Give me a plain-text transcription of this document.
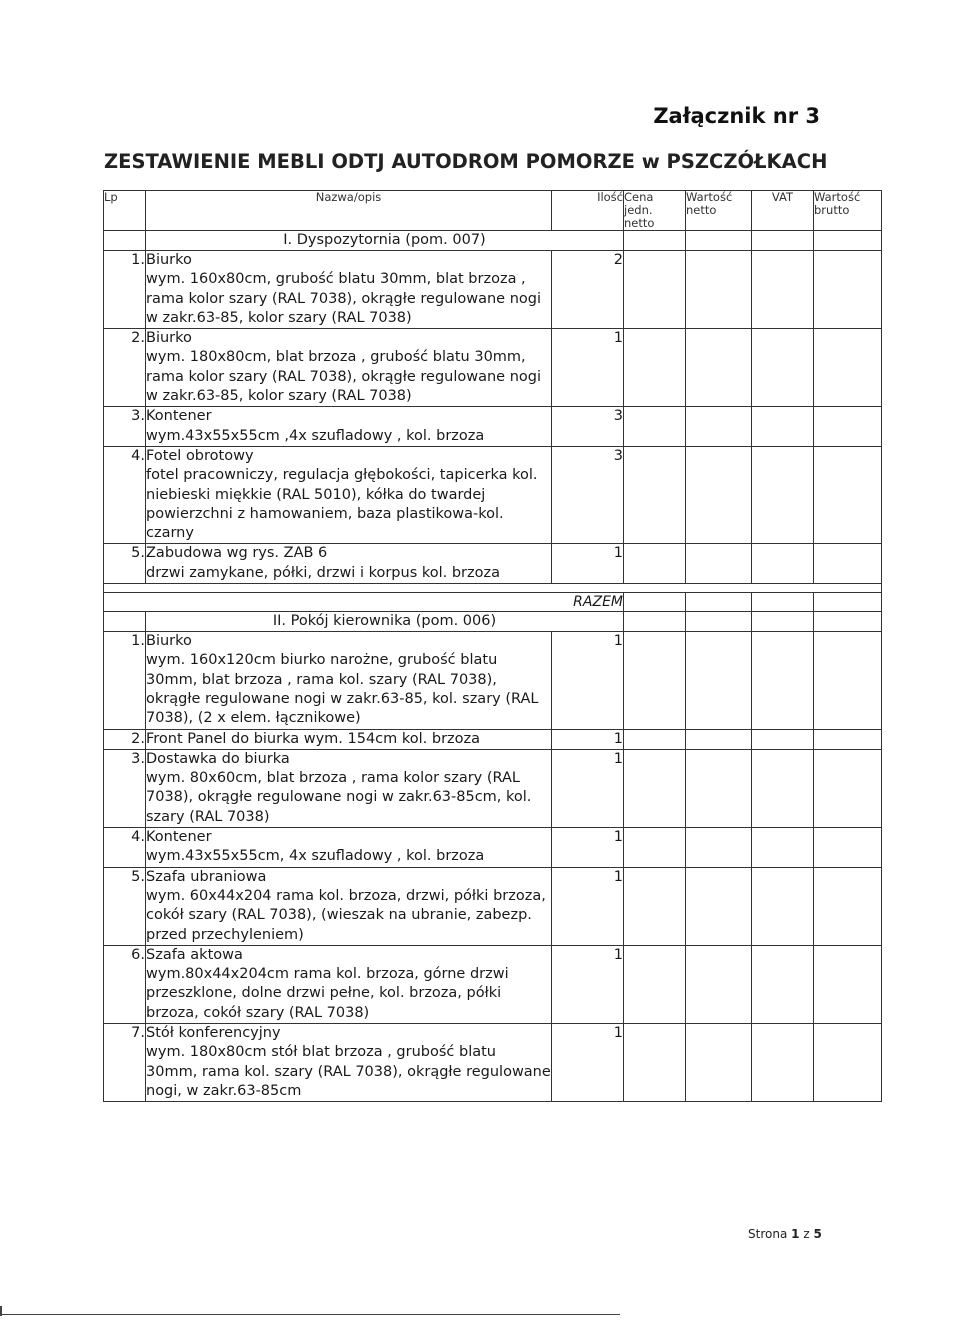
Załącznik nr 3
ZESTAWIENIE MEBLI ODTJ AUTODROM POMORZE w PSZCZÓŁKACH
Lp	Nazwa/opis	Ilość	Cena jedn. netto	Wartość netto	VAT	Wartość brutto
	I. Dyspozytornia (pom. 007)					
1.	Biurko
wym. 160x80cm, grubość blatu 30mm, blat brzoza , rama kolor szary (RAL 7038), okrągłe regulowane nogi w zakr.63-85, kolor szary (RAL 7038)	2				
2.	Biurko
wym. 180x80cm, blat brzoza , grubość blatu 30mm, rama kolor szary (RAL 7038), okrągłe regulowane nogi w zakr.63-85, kolor szary (RAL 7038)	1				
3.	Kontener
wym.43x55x55cm ,4x szufladowy , kol. brzoza	3				
4.	Fotel obrotowy
fotel pracowniczy, regulacja głębokości, tapicerka kol. niebieski miękkie (RAL 5010), kółka do twardej powierzchni z hamowaniem, baza plastikowa-kol. czarny	3				
5.	Zabudowa wg rys. ZAB 6
drzwi zamykane, półki, drzwi i korpus kol. brzoza	1				

RAZEM						
	II. Pokój kierownika (pom. 006)					
1.	Biurko
wym. 160x120cm biurko narożne, grubość blatu 30mm, blat brzoza , rama kol. szary (RAL 7038), okrągłe regulowane nogi w zakr.63-85, kol. szary (RAL 7038), (2 x elem. łącznikowe)	1				
2.	Front Panel do biurka wym. 154cm kol. brzoza	1				
3.	Dostawka do biurka
wym. 80x60cm, blat brzoza , rama kolor szary (RAL 7038), okrągłe regulowane nogi w zakr.63-85cm, kol. szary (RAL 7038)	1				
4.	Kontener
wym.43x55x55cm, 4x szufladowy , kol. brzoza	1				
5.	Szafa ubraniowa
wym. 60x44x204 rama kol. brzoza, drzwi, półki brzoza, cokół szary (RAL 7038), (wieszak na ubranie, zabezp. przed przechyleniem)	1				
6.	Szafa aktowa
wym.80x44x204cm rama kol. brzoza, górne drzwi przeszklone, dolne drzwi pełne, kol. brzoza, półki brzoza, cokół szary (RAL 7038)	1				
7.	Stół konferencyjny
wym. 180x80cm stół blat brzoza , grubość blatu 30mm, rama kol. szary (RAL 7038), okrągłe regulowane nogi, w zakr.63-85cm	1				
Strona 1 z 5
